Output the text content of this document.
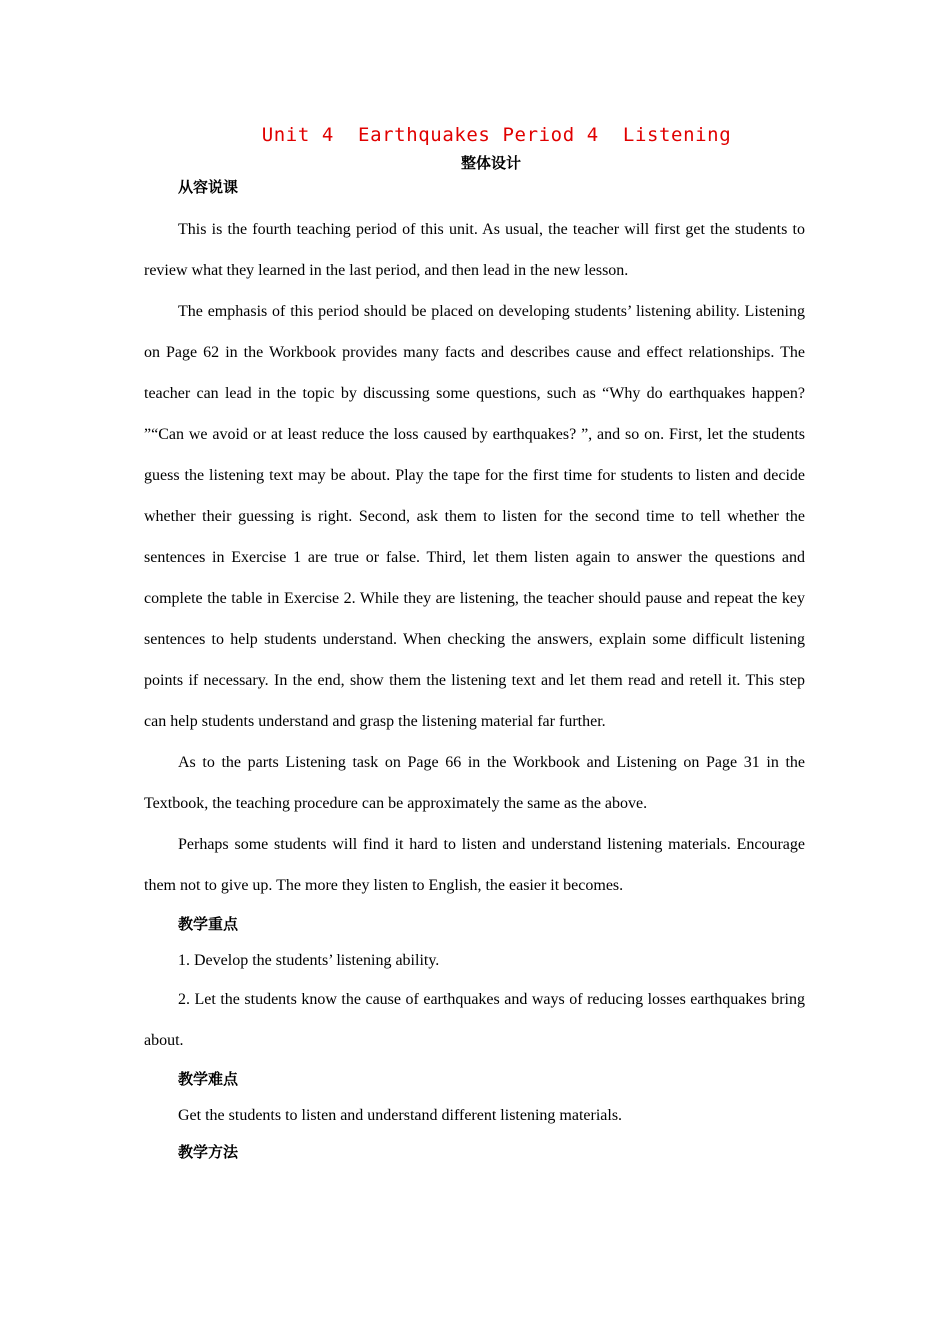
Unit 4  Earthquakes Period 4  Listening
整体设计
从容说课

This is the fourth teaching period of this unit. As usual, the teacher will first get the students to review what they learned in the last period, and then lead in the new lesson.

The emphasis of this period should be placed on developing students’ listening ability. Listening on Page 62 in the Workbook provides many facts and describes cause and effect relationships. The teacher can lead in the topic by discussing some questions, such as “Why do earthquakes happen? ”“Can we avoid or at least reduce the loss caused by earthquakes? ”, and so on. First, let the students guess the listening text may be about. Play the tape for the first time for students to listen and decide whether their guessing is right. Second, ask them to listen for the second time to tell whether the sentences in Exercise 1 are true or false. Third, let them listen again to answer the questions and complete the table in Exercise 2. While they are listening, the teacher should pause and repeat the key sentences to help students understand. When checking the answers, explain some difficult listening points if necessary. In the end, show them the listening text and let them read and retell it. This step can help students understand and grasp the listening material far further.

As to the parts Listening task on Page 66 in the Workbook and Listening on Page 31 in the Textbook, the teaching procedure can be approximately the same as the above.

Perhaps some students will find it hard to listen and understand listening materials. Encourage them not to give up. The more they listen to English, the easier it becomes.

教学重点

1. Develop the students’ listening ability.

2. Let the students know the cause of earthquakes and ways of reducing losses earthquakes bring about.

教学难点

Get the students to listen and understand different listening materials.

教学方法
